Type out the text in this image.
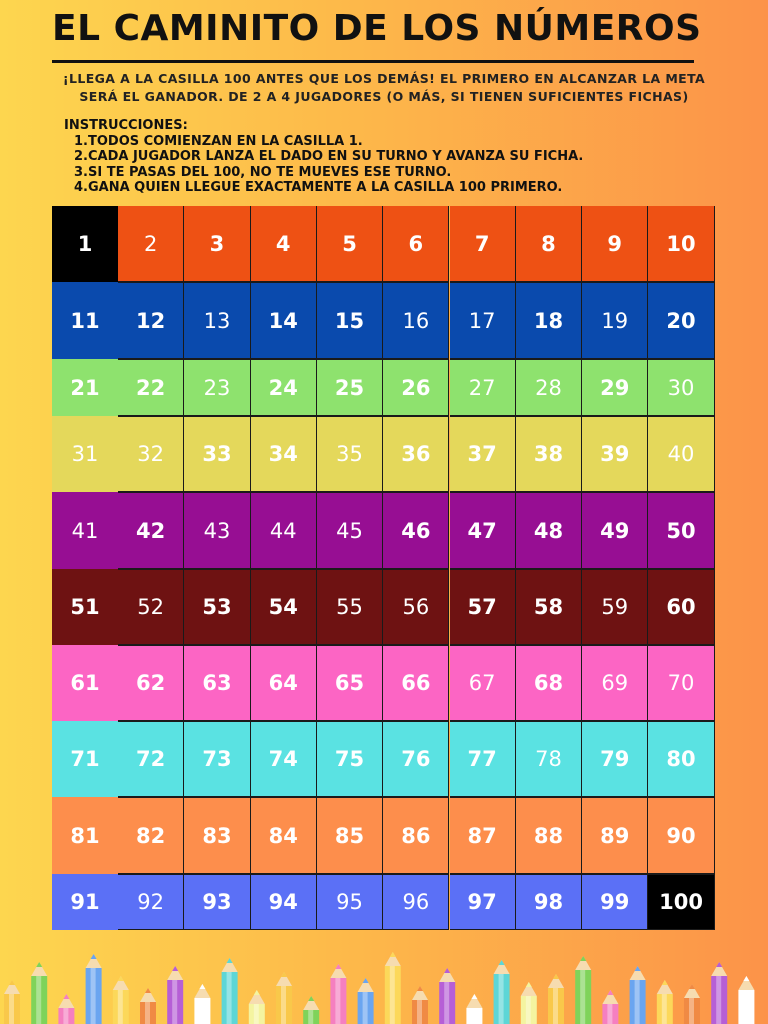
EL CAMINITO DE LOS NÚMEROS
¡LLEGA A LA CASILLA 100 ANTES QUE LOS DEMÁS! EL PRIMERO EN ALCANZAR LA META
SERÁ EL GANADOR. DE 2 A 4 JUGADORES (O MÁS, SI TIENEN SUFICIENTES FICHAS)
INSTRUCCIONES:
1.TODOS COMIENZAN EN LA CASILLA 1.
2.CADA JUGADOR LANZA EL DADO EN SU TURNO Y AVANZA SU FICHA.
3.SI TE PASAS DEL 100, NO TE MUEVES ESE TURNO.
4.GANA QUIEN LLEGUE EXACTAMENTE A LA CASILLA 100 PRIMERO.
1	2	3	4	5	6	7	8	9	10
11	12	13	14	15	16	17	18	19	20
21	22	23	24	25	26	27	28	29	30
31	32	33	34	35	36	37	38	39	40
41	42	43	44	45	46	47	48	49	50
51	52	53	54	55	56	57	58	59	60
61	62	63	64	65	66	67	68	69	70
71	72	73	74	75	76	77	78	79	80
81	82	83	84	85	86	87	88	89	90
91	92	93	94	95	96	97	98	99	100
